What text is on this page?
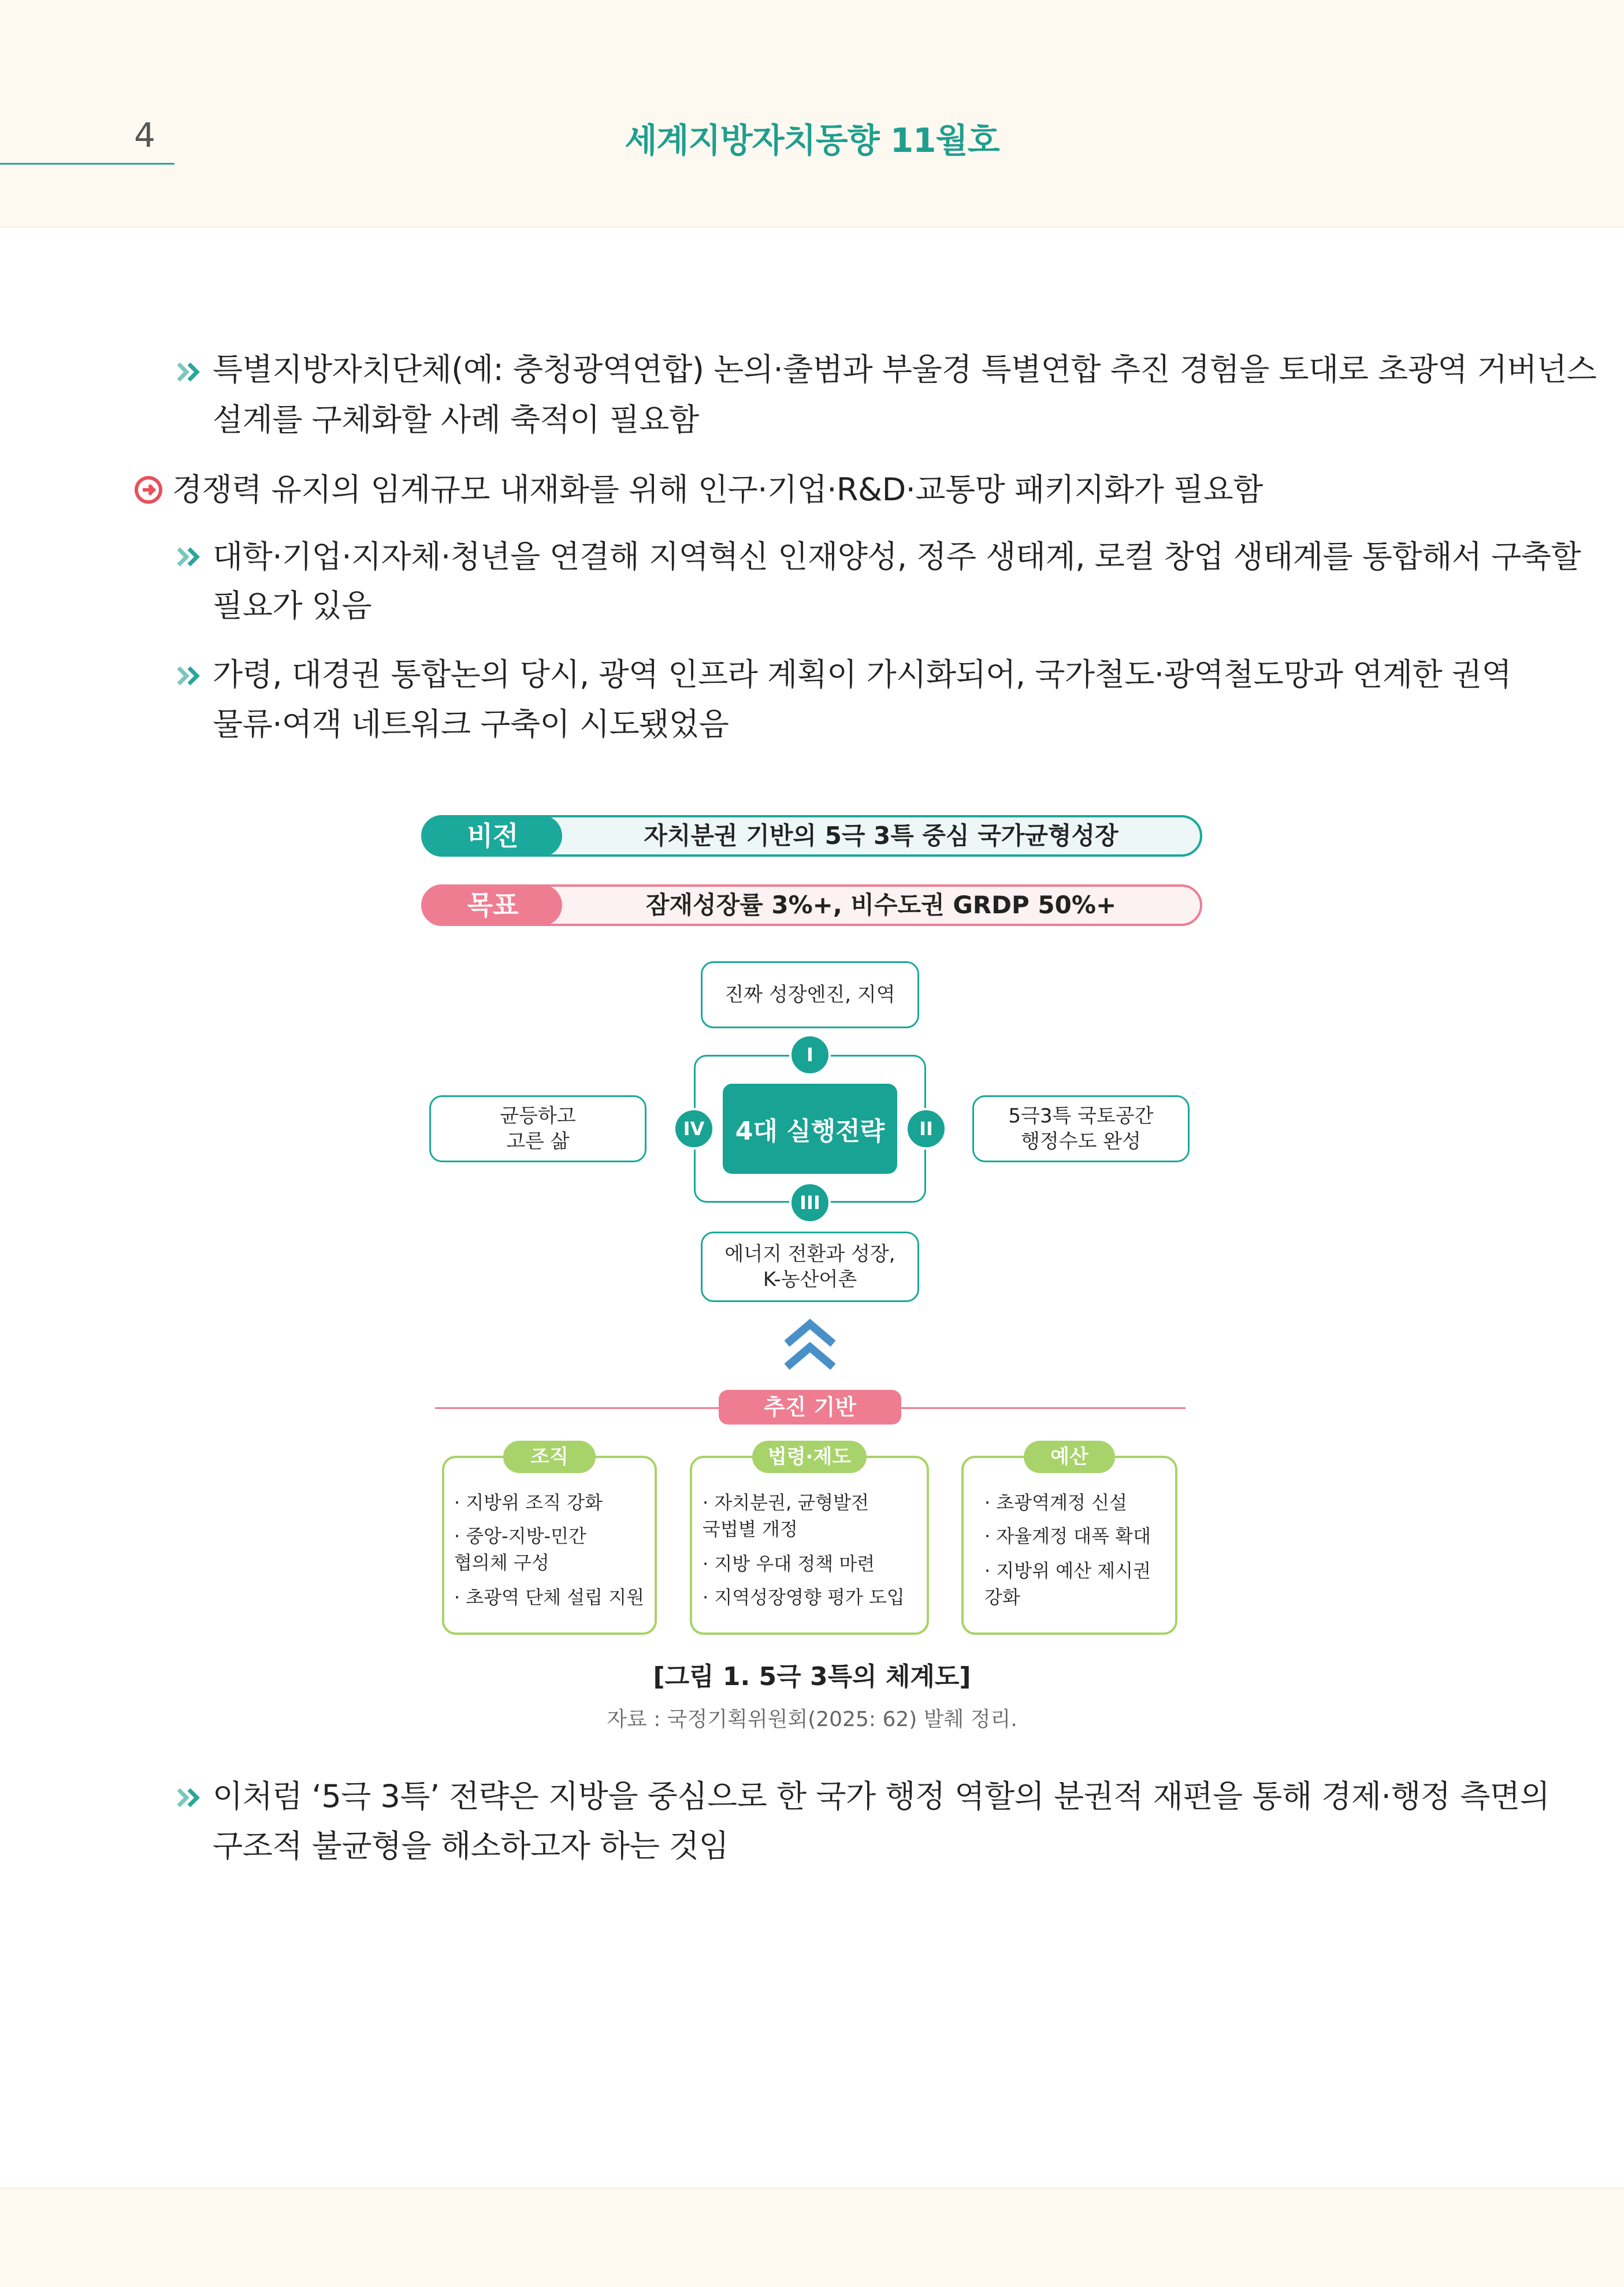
4	세계지방자치동향 11월호
특별지방자치단체(예: 충청광역연합) 논의·출범과 부울경 특별연합 추진 경험을 토대로 초광역 거버넌스
설계를 구체화할 사례 축적이 필요함
경쟁력 유지의 임계규모 내재화를 위해 인구·기업·R&D·교통망 패키지화가 필요함
대학·기업·지자체·청년을 연결해 지역혁신 인재양성, 정주 생태계, 로컬 창업 생태계를 통합해서 구축할
필요가 있음
가령, 대경권 통합논의 당시, 광역 인프라 계획이 가시화되어, 국가철도·광역철도망과 연계한 권역
물류·여객 네트워크 구축이 시도됐었음
비전	자치분권 기반의 5극 3특 중심 국가균형성장
목표	잠재성장률 3%+, 비수도권 GRDP 50%+
진짜 성장엔진, 지역
균등하고
고른 삶
5극3특 국토공간
행정수도 완성
에너지 전환과 성장,
K-농산어촌
4대 실행전략
I
II
III
IV
추진 기반
조직
· 지방위 조직 강화
· 중앙-지방-민간
협의체 구성
· 초광역 단체 설립 지원
법령·제도
· 자치분권, 균형발전
국법별 개정
· 지방 우대 정책 마련
· 지역성장영향 평가 도입
예산
· 초광역계정 신설
· 자율계정 대폭 확대
· 지방위 예산 제시권
강화
[그림 1. 5극 3특의 체계도]
자료 : 국정기획위원회(2025: 62) 발췌 정리.
이처럼 ‘5극 3특’ 전략은 지방을 중심으로 한 국가 행정 역할의 분권적 재편을 통해 경제·행정 측면의
구조적 불균형을 해소하고자 하는 것임
